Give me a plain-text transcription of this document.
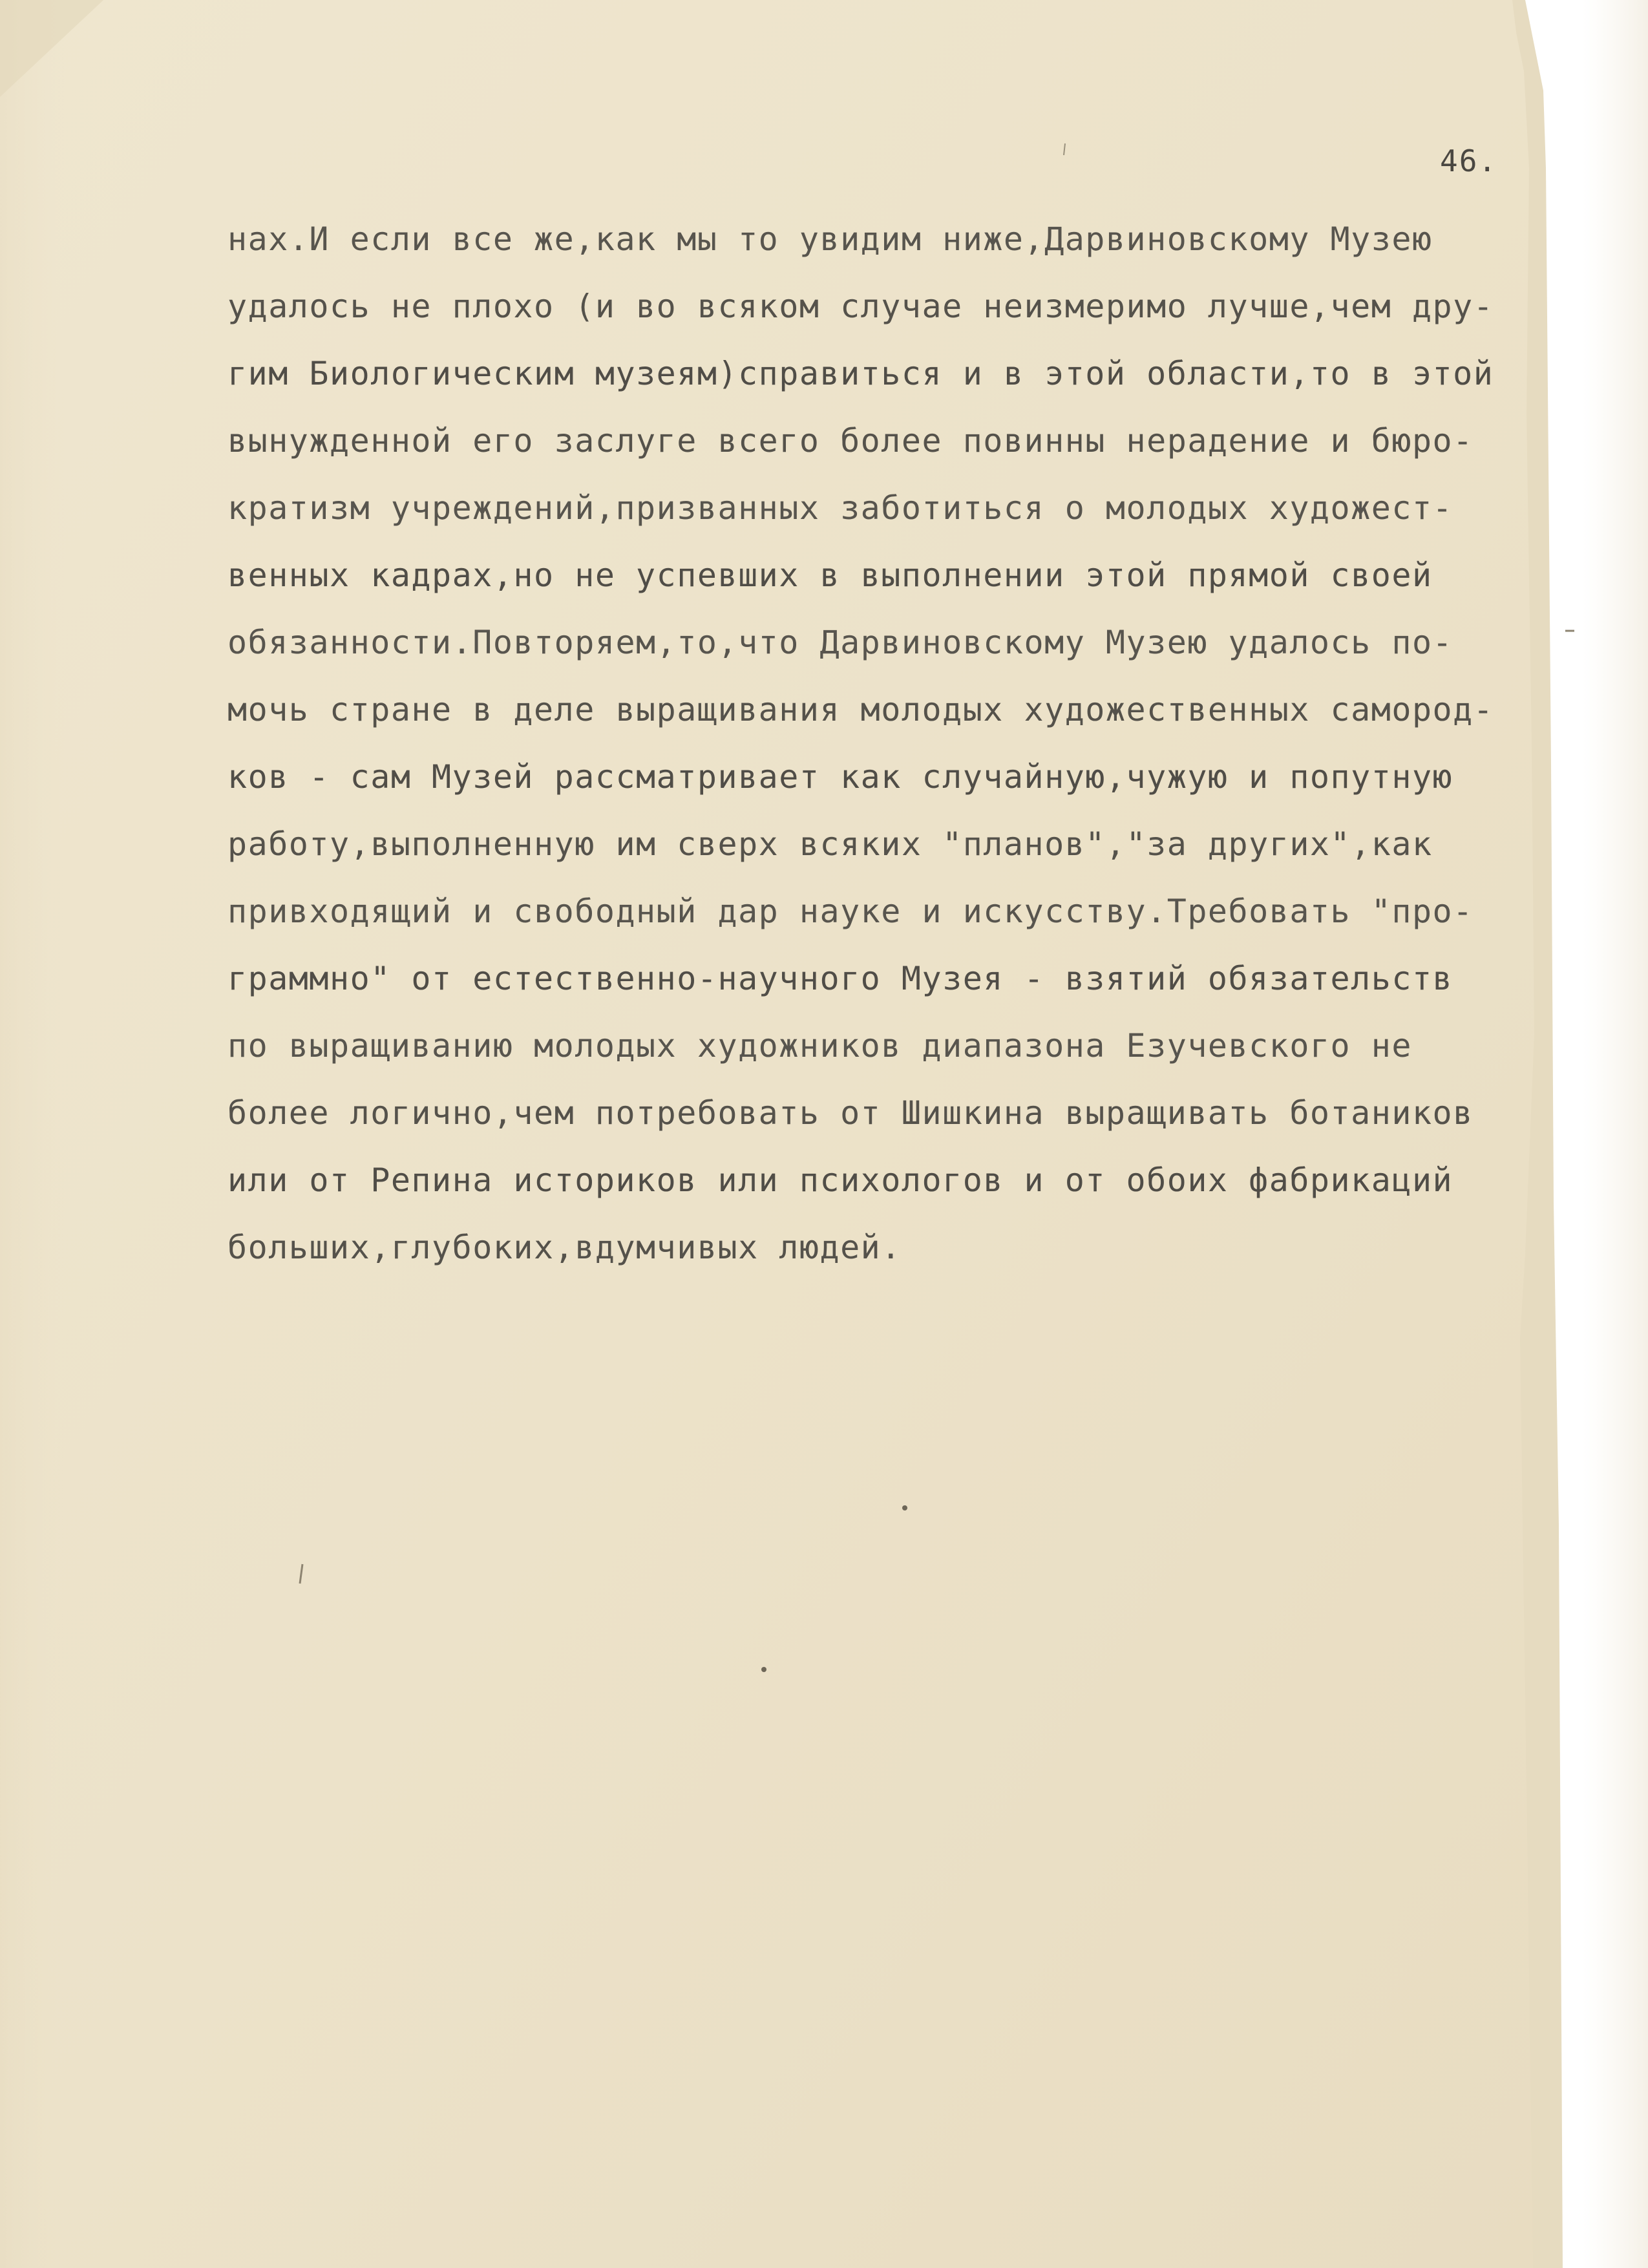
46.
нах.И если все же,как мы то увидим ниже,Дарвиновскому Музею
удалось не плохо (и во всяком случае неизмеримо лучше,чем дру-
гим Биологическим музеям)справиться и в этой области,то в этой
вынужденной его заслуге всего более повинны нерадение и бюро-
кратизм учреждений,призванных заботиться о молодых художест-
венных кадрах,но не успевших в выполнении этой прямой своей
обязанности.Повторяем,то,что Дарвиновскому Музею удалось по-
мочь стране в деле выращивания молодых художественных самород-
ков - сам Музей рассматривает как случайную,чужую и попутную
работу,выполненную им сверх всяких "планов","за других",как
привходящий и свободный дар науке и искусству.Требовать "про-
граммно" от естественно-научного Музея - взятий обязательств
по выращиванию молодых художников диапазона Езучевского не
более логично,чем потребовать от Шишкина выращивать ботаников
или от Репина историков или психологов и от обоих фабрикаций
больших,глубоких,вдумчивых людей.
